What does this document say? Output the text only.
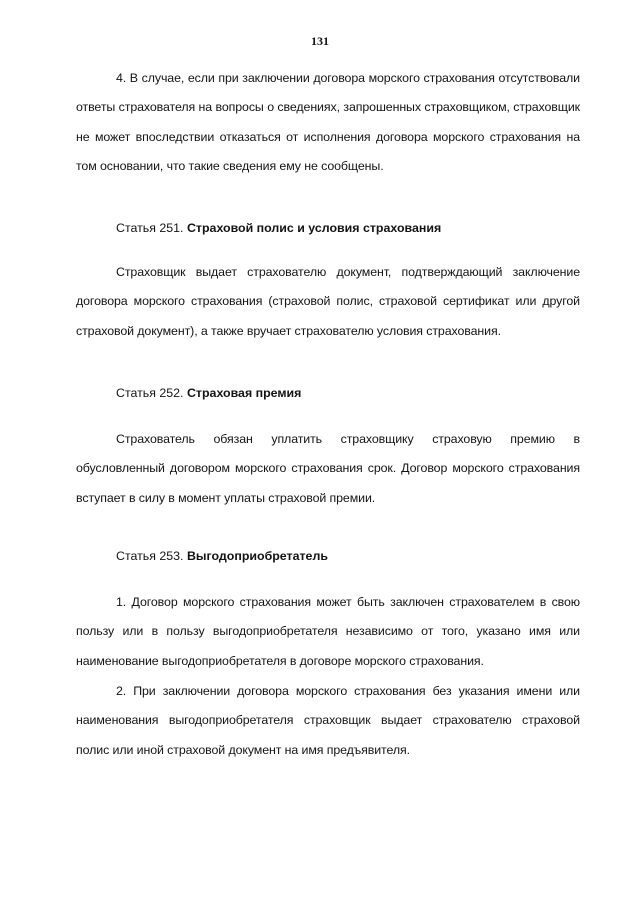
131

4. В случае, если при заключении договора морского страхования отсутствовали ответы страхователя на вопросы о сведениях, запрошенных страховщиком, страховщик не может впоследствии отказаться от исполнения договора морского страхования на том основании, что такие сведения ему не сообщены.

Статья 251. Страховой полис и условия страхования

Страховщик выдает страхователю документ, подтверждающий заключение договора морского страхования (страховой полис, страховой сертификат или другой страховой документ), а также вручает страхователю условия страхования.

Статья 252. Страховая премия

Страхователь обязан уплатить страховщику страховую премию в обусловленный договором морского страхования срок. Договор морского страхования вступает в силу в момент уплаты страховой премии.

Статья 253. Выгодоприобретатель

1. Договор морского страхования может быть заключен страхователем в свою пользу или в пользу выгодоприобретателя независимо от того, указано имя или наименование выгодоприобретателя в договоре морского страхования.

2. При заключении договора морского страхования без указания имени или наименования выгодоприобретателя страховщик выдает страхователю страховой полис или иной страховой документ на имя предъявителя.
